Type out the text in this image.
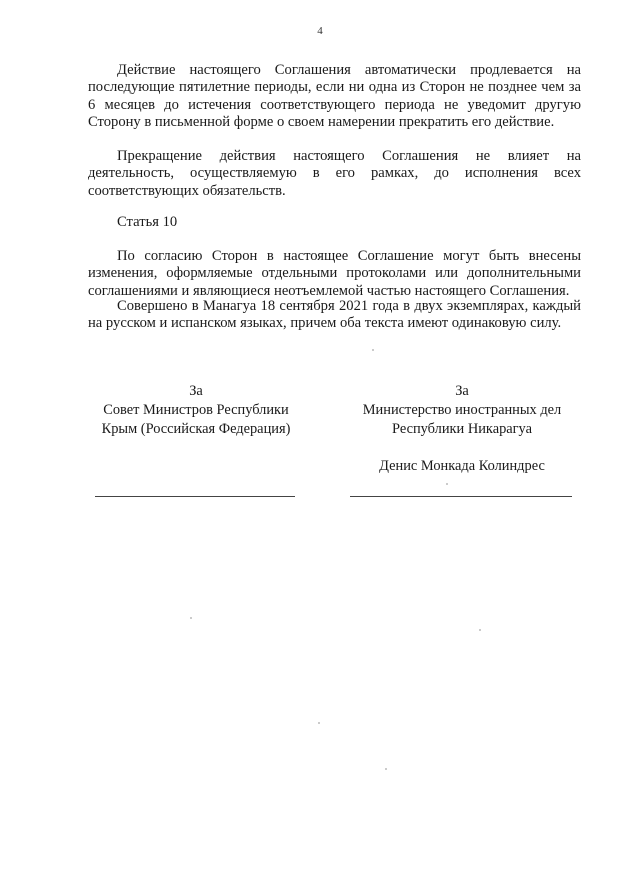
4

Действие настоящего Соглашения автоматически продлевается на последующие пятилетние периоды, если ни одна из Сторон не позднее чем за 6 месяцев до истечения соответствующего периода не уведомит другую Сторону в письменной форме о своем намерении прекратить его действие.

Прекращение действия настоящего Соглашения не влияет на деятельность, осуществляемую в его рамках, до исполнения всех соответствующих обязательств.

Статья 10

По согласию Сторон в настоящее Соглашение могут быть внесены изменения, оформляемые отдельными протоколами или дополнительными соглашениями и являющиеся неотъемлемой частью настоящего Соглашения.

Совершено в Манагуа 18 сентября 2021 года в двух экземплярах, каждый на русском и испанском языках, причем оба текста имеют одинаковую силу.

За
Совет Министров Республики
Крым (Российская Федерация)
За
Министерство иностранных дел
Республики Никарагуа
Денис Монкада Колиндрес
